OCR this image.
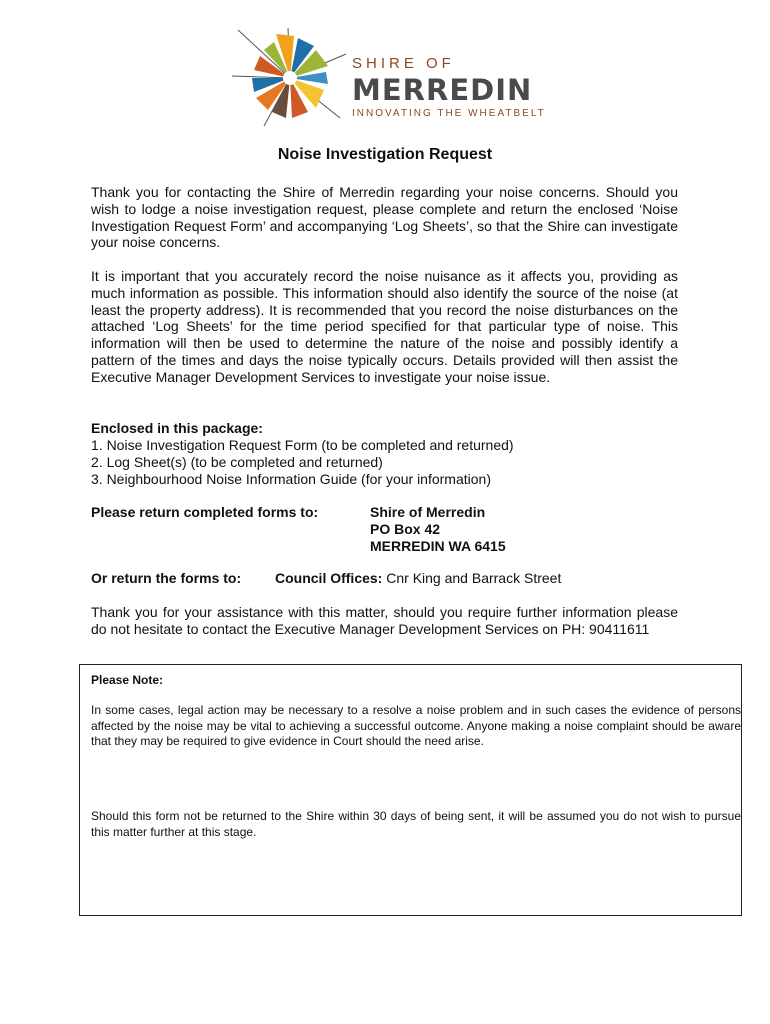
SHIRE OF
MERREDIN
INNOVATING THE WHEATBELT
Noise Investigation Request

Thank you for contacting the Shire of Merredin regarding your noise concerns. Should you wish to lodge a noise investigation request, please complete and return the enclosed ‘Noise Investigation Request Form’ and accompanying ‘Log Sheets’, so that the Shire can investigate your noise concerns.

It is important that you accurately record the noise nuisance as it affects you, providing as much information as possible. This information should also identify the source of the noise (at least the property address). It is recommended that you record the noise disturbances on the attached ‘Log Sheets’ for the time period specified for that particular type of noise. This information will then be used to determine the nature of the noise and possibly identify a pattern of the times and days the noise typically occurs. Details provided will then assist the Executive Manager Development Services to investigate your noise issue.

Enclosed in this package:
1. Noise Investigation Request Form (to be completed and returned)
2. Log Sheet(s) (to be completed and returned)
3. Neighbourhood Noise Information Guide (for your information)
Please return completed forms to:	Shire of Merredin
PO Box 42
MERREDIN WA 6415
Or return the forms to: Council Offices: Cnr King and Barrack Street

Thank you for your assistance with this matter, should you require further information please do not hesitate to contact the Executive Manager Development Services on PH: 90411611

Please Note:

In some cases, legal action may be necessary to a resolve a noise problem and in such cases the evidence of persons affected by the noise may be vital to achieving a successful outcome. Anyone making a noise complaint should be aware that they may be required to give evidence in Court should the need arise.

Should this form not be returned to the Shire within 30 days of being sent, it will be assumed you do not wish to pursue this matter further at this stage.
